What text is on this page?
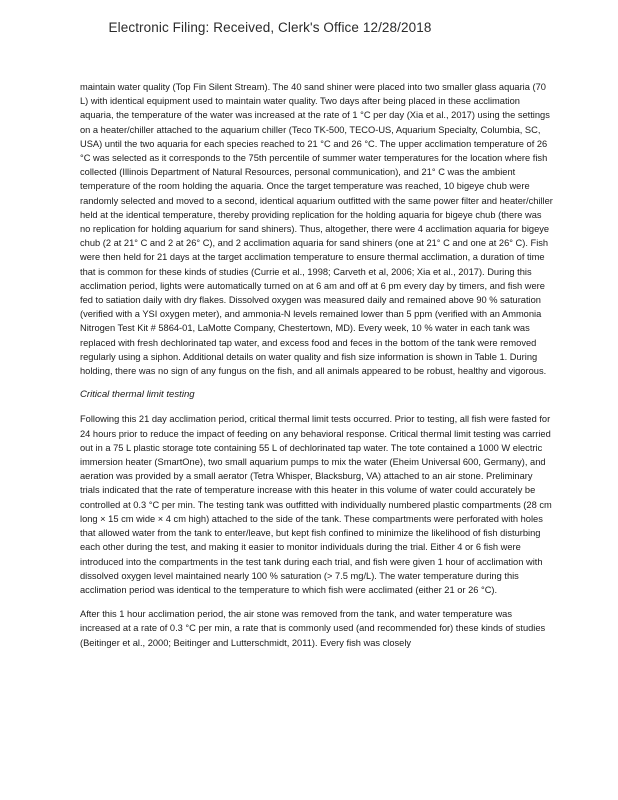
Electronic Filing: Received, Clerk's Office 12/28/2018

maintain water quality (Top Fin Silent Stream). The 40 sand shiner were placed into two smaller glass aquaria (70 L) with identical equipment used to maintain water quality. Two days after being placed in these acclimation aquaria, the temperature of the water was increased at the rate of 1 °C per day (Xia et al., 2017) using the settings on a heater/chiller attached to the aquarium chiller (Teco TK-500, TECO-US, Aquarium Specialty, Columbia, SC, USA) until the two aquaria for each species reached to 21 °C and 26 °C. The upper acclimation temperature of 26 °C was selected as it corresponds to the 75th percentile of summer water temperatures for the location where fish collected (Illinois Department of Natural Resources, personal communication), and 21° C was the ambient temperature of the room holding the aquaria. Once the target temperature was reached, 10 bigeye chub were randomly selected and moved to a second, identical aquarium outfitted with the same power filter and heater/chiller held at the identical temperature, thereby providing replication for the holding aquaria for bigeye chub (there was no replication for holding aquarium for sand shiners). Thus, altogether, there were 4 acclimation aquaria for bigeye chub (2 at 21° C and 2 at 26° C), and 2 acclimation aquaria for sand shiners (one at 21° C and one at 26° C). Fish were then held for 21 days at the target acclimation temperature to ensure thermal acclimation, a duration of time that is common for these kinds of studies (Currie et al., 1998; Carveth et al, 2006; Xia et al., 2017). During this acclimation period, lights were automatically turned on at 6 am and off at 6 pm every day by timers, and fish were fed to satiation daily with dry flakes. Dissolved oxygen was measured daily and remained above 90 % saturation (verified with a YSI oxygen meter), and ammonia-N levels remained lower than 5 ppm (verified with an Ammonia Nitrogen Test Kit # 5864-01, LaMotte Company, Chestertown, MD). Every week, 10 % water in each tank was replaced with fresh dechlorinated tap water, and excess food and feces in the bottom of the tank were removed regularly using a siphon. Additional details on water quality and fish size information is shown in Table 1. During holding, there was no sign of any fungus on the fish, and all animals appeared to be robust, healthy and vigorous.

Critical thermal limit testing

Following this 21 day acclimation period, critical thermal limit tests occurred. Prior to testing, all fish were fasted for 24 hours prior to reduce the impact of feeding on any behavioral response. Critical thermal limit testing was carried out in a 75 L plastic storage tote containing 55 L of dechlorinated tap water. The tote contained a 1000 W electric immersion heater (SmartOne), two small aquarium pumps to mix the water (Eheim Universal 600, Germany), and aeration was provided by a small aerator (Tetra Whisper, Blacksburg, VA) attached to an air stone. Preliminary trials indicated that the rate of temperature increase with this heater in this volume of water could accurately be controlled at 0.3 °C per min. The testing tank was outfitted with individually numbered plastic compartments (28 cm long × 15 cm wide × 4 cm high) attached to the side of the tank. These compartments were perforated with holes that allowed water from the tank to enter/leave, but kept fish confined to minimize the likelihood of fish disturbing each other during the test, and making it easier to monitor individuals during the trial. Either 4 or 6 fish were introduced into the compartments in the test tank during each trial, and fish were given 1 hour of acclimation with dissolved oxygen level maintained nearly 100 % saturation (> 7.5 mg/L). The water temperature during this acclimation period was identical to the temperature to which fish were acclimated (either 21 or 26 °C).

After this 1 hour acclimation period, the air stone was removed from the tank, and water temperature was increased at a rate of 0.3 °C per min, a rate that is commonly used (and recommended for) these kinds of studies (Beitinger et al., 2000; Beitinger and Lutterschmidt, 2011). Every fish was closely
